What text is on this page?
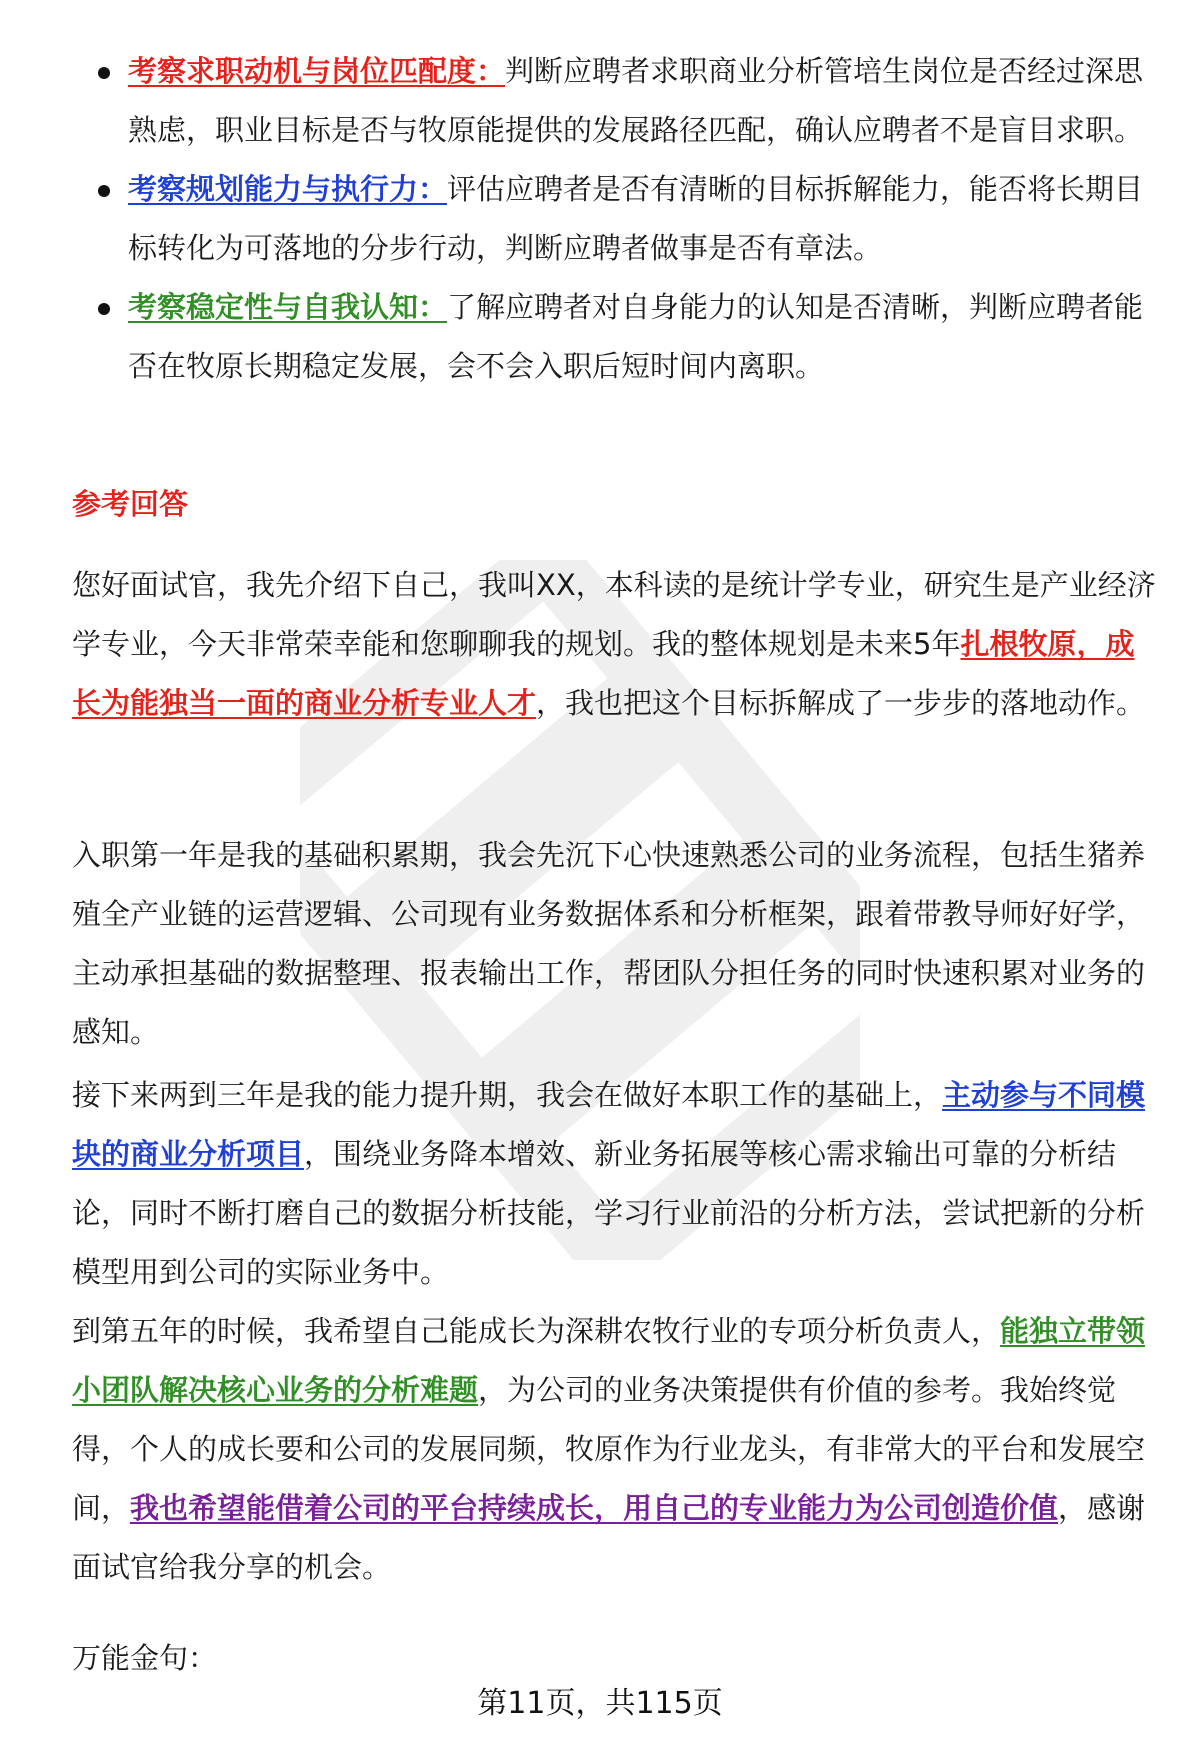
考察求职动机与岗位匹配度：判断应聘者求职商业分析管培生岗位是否经过深思熟虑，职业目标是否与牧原能提供的发展路径匹配，确认应聘者不是盲目求职。
考察规划能力与执行力：评估应聘者是否有清晰的目标拆解能力，能否将长期目标转化为可落地的分步行动，判断应聘者做事是否有章法。
考察稳定性与自我认知：了解应聘者对自身能力的认知是否清晰，判断应聘者能否在牧原长期稳定发展，会不会入职后短时间内离职。
参考回答

您好面试官，我先介绍下自己，我叫XX，本科读的是统计学专业，研究生是产业经济学专业，今天非常荣幸能和您聊聊我的规划。我的整体规划是未来5年扎根牧原，成长为能独当一面的商业分析专业人才，我也把这个目标拆解成了一步步的落地动作。

入职第一年是我的基础积累期，我会先沉下心快速熟悉公司的业务流程，包括生猪养殖全产业链的运营逻辑、公司现有业务数据体系和分析框架，跟着带教导师好好学，主动承担基础的数据整理、报表输出工作，帮团队分担任务的同时快速积累对业务的感知。

接下来两到三年是我的能力提升期，我会在做好本职工作的基础上，主动参与不同模块的商业分析项目，围绕业务降本增效、新业务拓展等核心需求输出可靠的分析结论，同时不断打磨自己的数据分析技能，学习行业前沿的分析方法，尝试把新的分析模型用到公司的实际业务中。

到第五年的时候，我希望自己能成长为深耕农牧行业的专项分析负责人，能独立带领小团队解决核心业务的分析难题，为公司的业务决策提供有价值的参考。我始终觉得，个人的成长要和公司的发展同频，牧原作为行业龙头，有非常大的平台和发展空间，我也希望能借着公司的平台持续成长，用自己的专业能力为公司创造价值，感谢面试官给我分享的机会。

万能金句：

第11页，共115页
